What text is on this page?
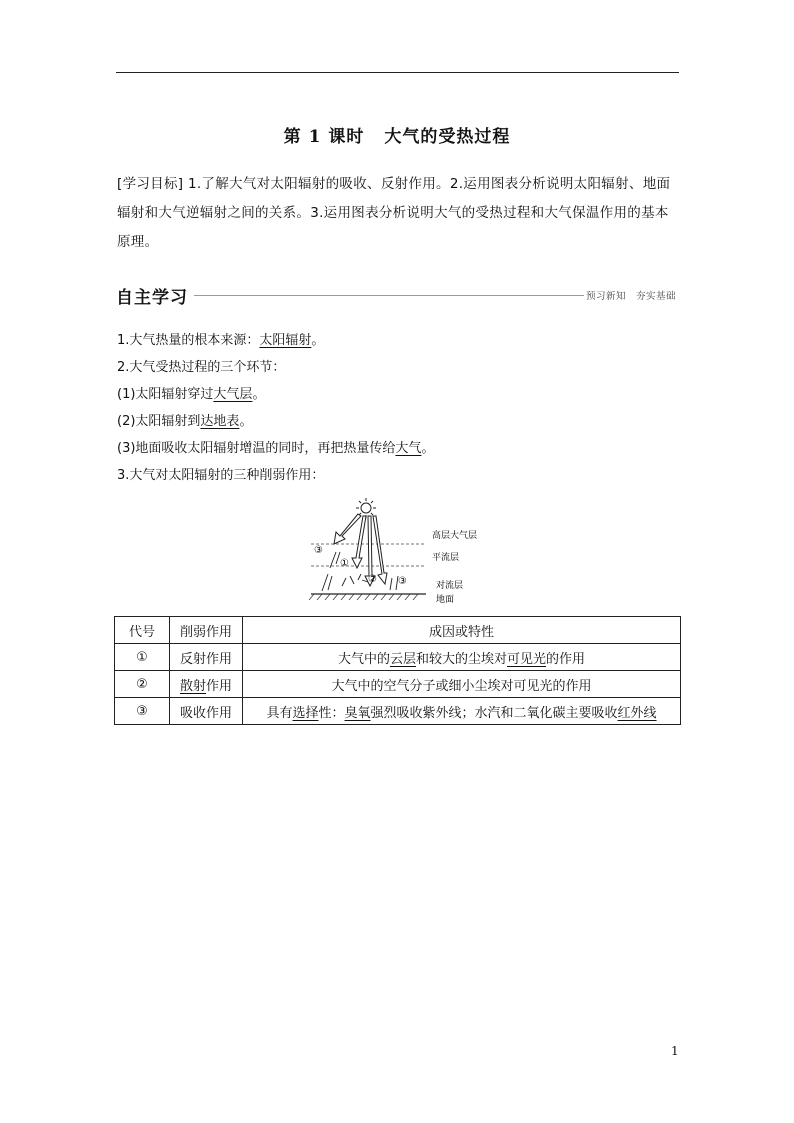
第 1 课时 大气的受热过程
[学习目标] 1.了解大气对太阳辐射的吸收、反射作用。2.运用图表分析说明太阳辐射、地面辐射和大气逆辐射之间的关系。3.运用图表分析说明大气的受热过程和大气保温作用的基本原理。
自主学习	预习新知　夯实基础
1.大气热量的根本来源：太阳辐射。
2.大气受热过程的三个环节：
(1)太阳辐射穿过大气层。
(2)太阳辐射到达地表。
(3)地面吸收太阳辐射增温的同时，再把热量传给大气。
3.大气对太阳辐射的三种削弱作用：
③
①
② ③
高层大气层
平流层
对流层
地面
代号	削弱作用	成因或特性
①	反射作用	大气中的云层和较大的尘埃对可见光的作用
②	散射作用	大气中的空气分子或细小尘埃对可见光的作用
③	吸收作用	具有选择性：臭氧强烈吸收紫外线；水汽和二氧化碳主要吸收红外线
1
